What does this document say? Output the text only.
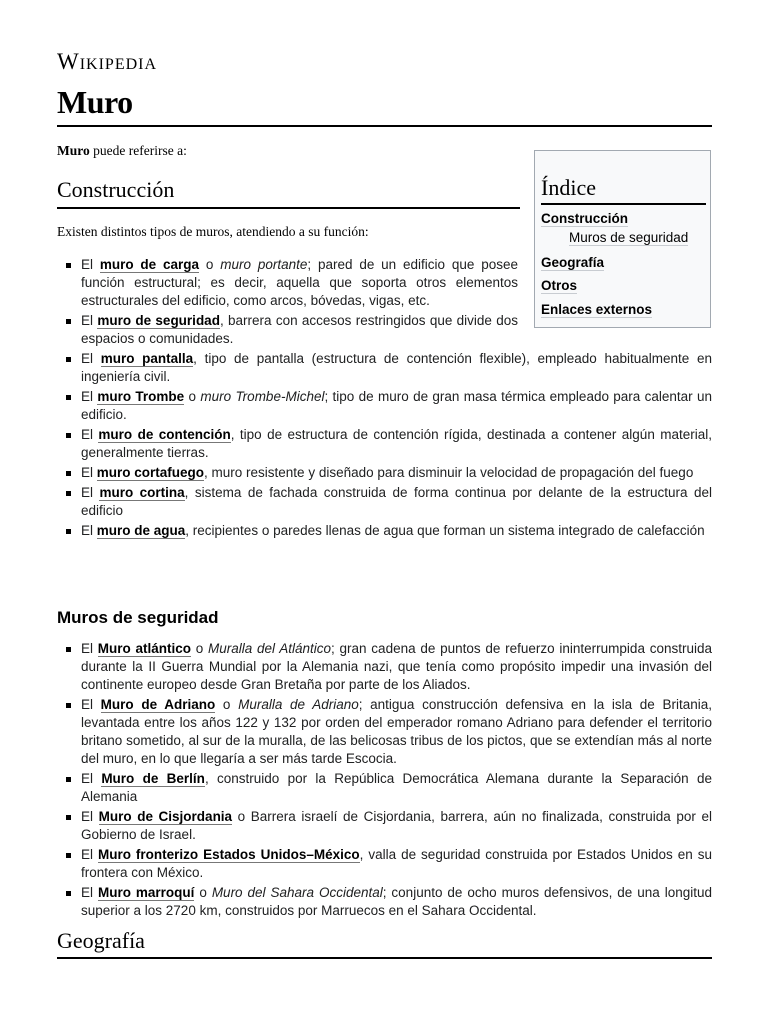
Wikipedia
Muro
Muro puede referirse a:
Construcción
Existen distintos tipos de muros, atendiendo a su función:
El muro de carga o muro portante; pared de un edificio que posee función estructural; es decir, aquella que soporta otros elementos estructurales del edificio, como arcos, bóvedas, vigas, etc.
El muro de seguridad, barrera con accesos restringidos que divide dos espacios o comunidades.
El muro pantalla, tipo de pantalla (estructura de contención flexible), empleado habitualmente en ingeniería civil.
El muro Trombe o muro Trombe-Michel; tipo de muro de gran masa térmica empleado para calentar un edificio.
El muro de contención, tipo de estructura de contención rígida, destinada a contener algún material, generalmente tierras.
El muro cortafuego, muro resistente y diseñado para disminuir la velocidad de propagación del fuego
El muro cortina, sistema de fachada construida de forma continua por delante de la estructura del edificio
El muro de agua, recipientes o paredes llenas de agua que forman un sistema integrado de calefacción
Muros de seguridad
El Muro atlántico o Muralla del Atlántico; gran cadena de puntos de refuerzo ininterrumpida construida durante la II Guerra Mundial por la Alemania nazi, que tenía como propósito impedir una invasión del continente europeo desde Gran Bretaña por parte de los Aliados.
El Muro de Adriano o Muralla de Adriano; antigua construcción defensiva en la isla de Britania, levantada entre los años 122 y 132 por orden del emperador romano Adriano para defender el territorio britano sometido, al sur de la muralla, de las belicosas tribus de los pictos, que se extendían más al norte del muro, en lo que llegaría a ser más tarde Escocia.
El Muro de Berlín, construido por la República Democrática Alemana durante la Separación de Alemania
El Muro de Cisjordania o Barrera israelí de Cisjordania, barrera, aún no finalizada, construida por el Gobierno de Israel.
El Muro fronterizo Estados Unidos–México, valla de seguridad construida por Estados Unidos en su frontera con México.
El Muro marroquí o Muro del Sahara Occidental; conjunto de ocho muros defensivos, de una longitud superior a los 2720 km, construidos por Marruecos en el Sahara Occidental.
Geografía
Índice
Construcción
Muros de seguridad
Geografía
Otros
Enlaces externos
